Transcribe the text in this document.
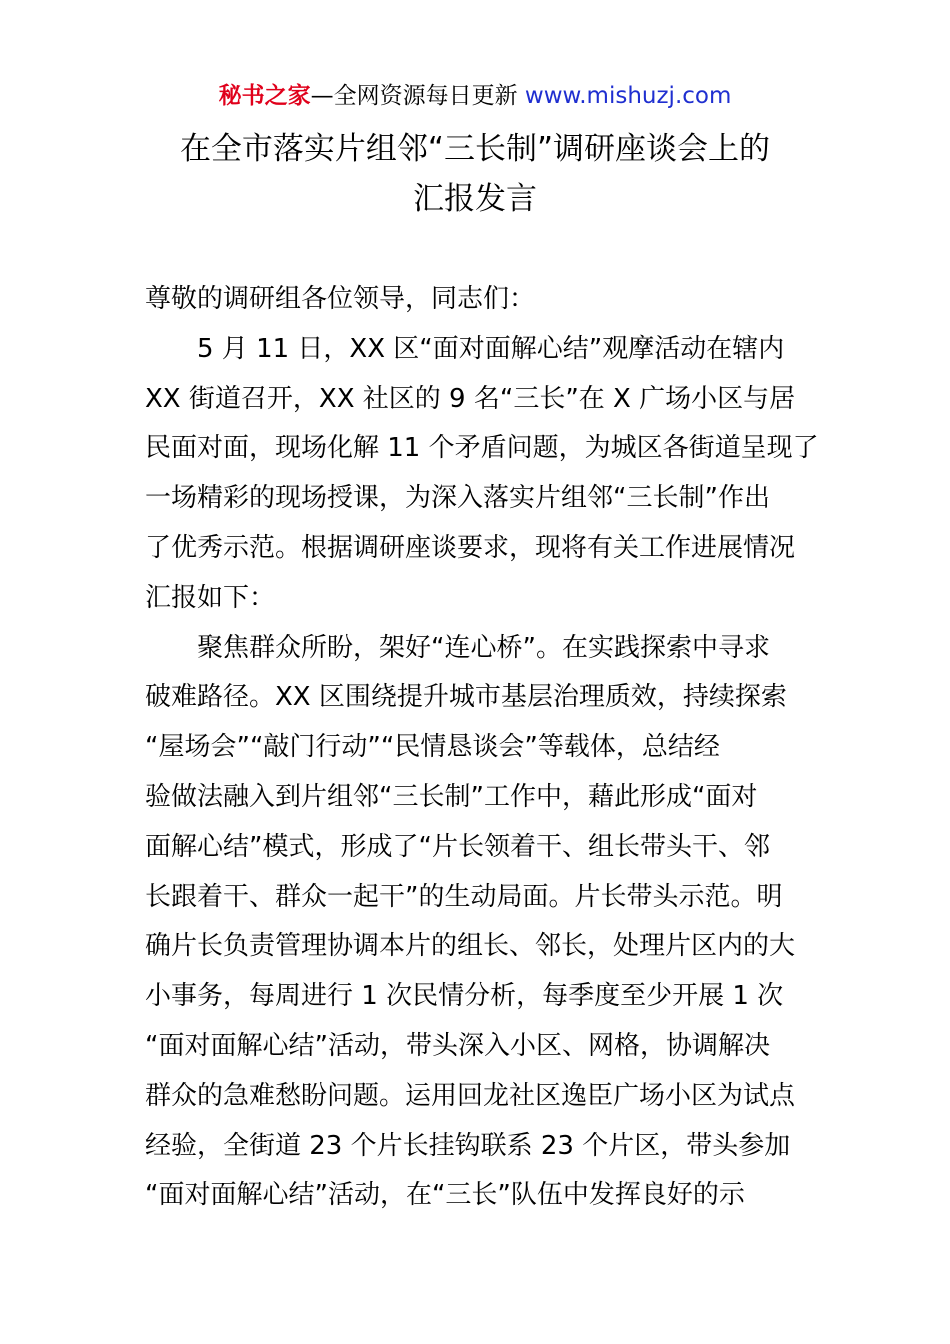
秘书之家—全网资源每日更新 www.mishuzj.com
在全市落实片组邻“三长制”调研座谈会上的
汇报发言
尊敬的调研组各位领导，同志们：
5 月 11 日，XX 区“面对面解心结”观摩活动在辖内
XX 街道召开，XX 社区的 9 名“三长”在 X 广场小区与居
民面对面，现场化解 11 个矛盾问题，为城区各街道呈现了
一场精彩的现场授课，为深入落实片组邻“三长制”作出
了优秀示范。根据调研座谈要求，现将有关工作进展情况
汇报如下：
聚焦群众所盼，架好“连心桥”。在实践探索中寻求
破难路径。XX 区围绕提升城市基层治理质效，持续探索
“屋场会”“敲门行动”“民情恳谈会”等载体，总结经
验做法融入到片组邻“三长制”工作中，藉此形成“面对
面解心结”模式，形成了“片长领着干、组长带头干、邻
长跟着干、群众一起干”的生动局面。片长带头示范。明
确片长负责管理协调本片的组长、邻长，处理片区内的大
小事务，每周进行 1 次民情分析，每季度至少开展 1 次
“面对面解心结”活动，带头深入小区、网格，协调解决
群众的急难愁盼问题。运用回龙社区逸臣广场小区为试点
经验，全街道 23 个片长挂钩联系 23 个片区，带头参加
“面对面解心结”活动，在“三长”队伍中发挥良好的示
